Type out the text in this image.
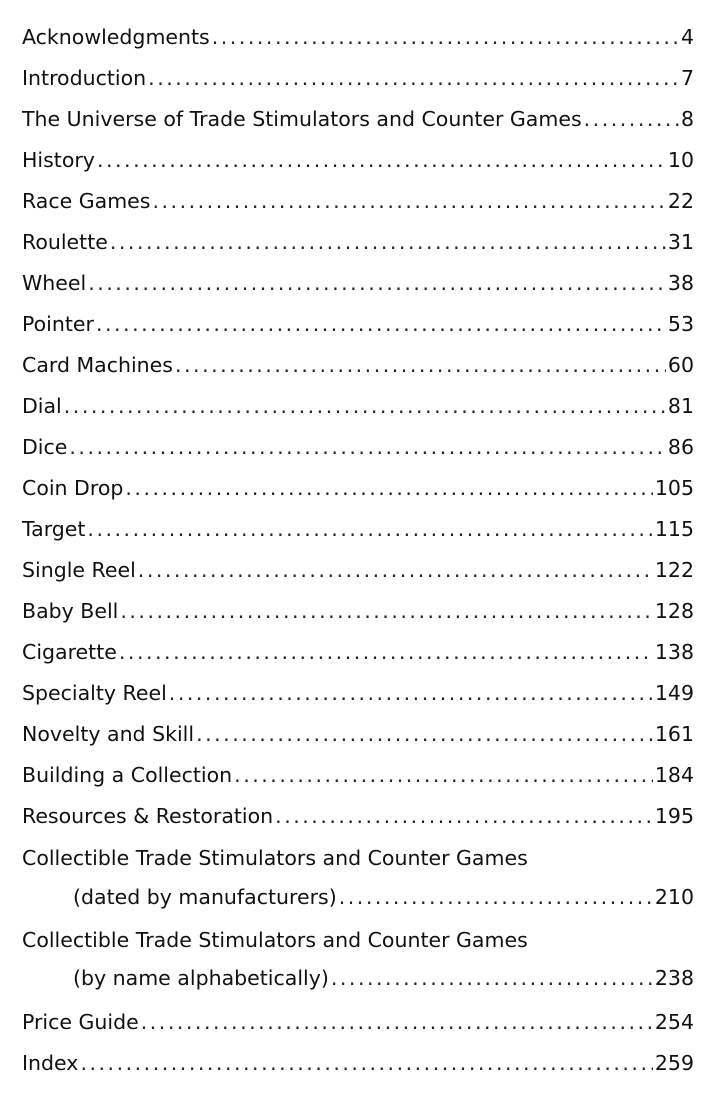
Acknowledgments . . .	4
Introduction . . .	7
The Universe of Trade Stimulators and Counter Games . . .	8
History . . .	10
Race Games . . .	22
Roulette . . .	31
Wheel . . .	38
Pointer . . .	53
Card Machines . . .	60
Dial . . .	81
Dice . . .	86
Coin Drop . . .	105
Target . . .	115
Single Reel . . .	122
Baby Bell . . .	128
Cigarette . . .	138
Specialty Reel . . .	149
Novelty and Skill . . .	161
Building a Collection . . .	184
Resources & Restoration . . .	195
Collectible Trade Stimulators and Counter Games
(dated by manufacturers) . . .	210
Collectible Trade Stimulators and Counter Games
(by name alphabetically) . . .	238
Price Guide . . .	254
Index . . .	259
